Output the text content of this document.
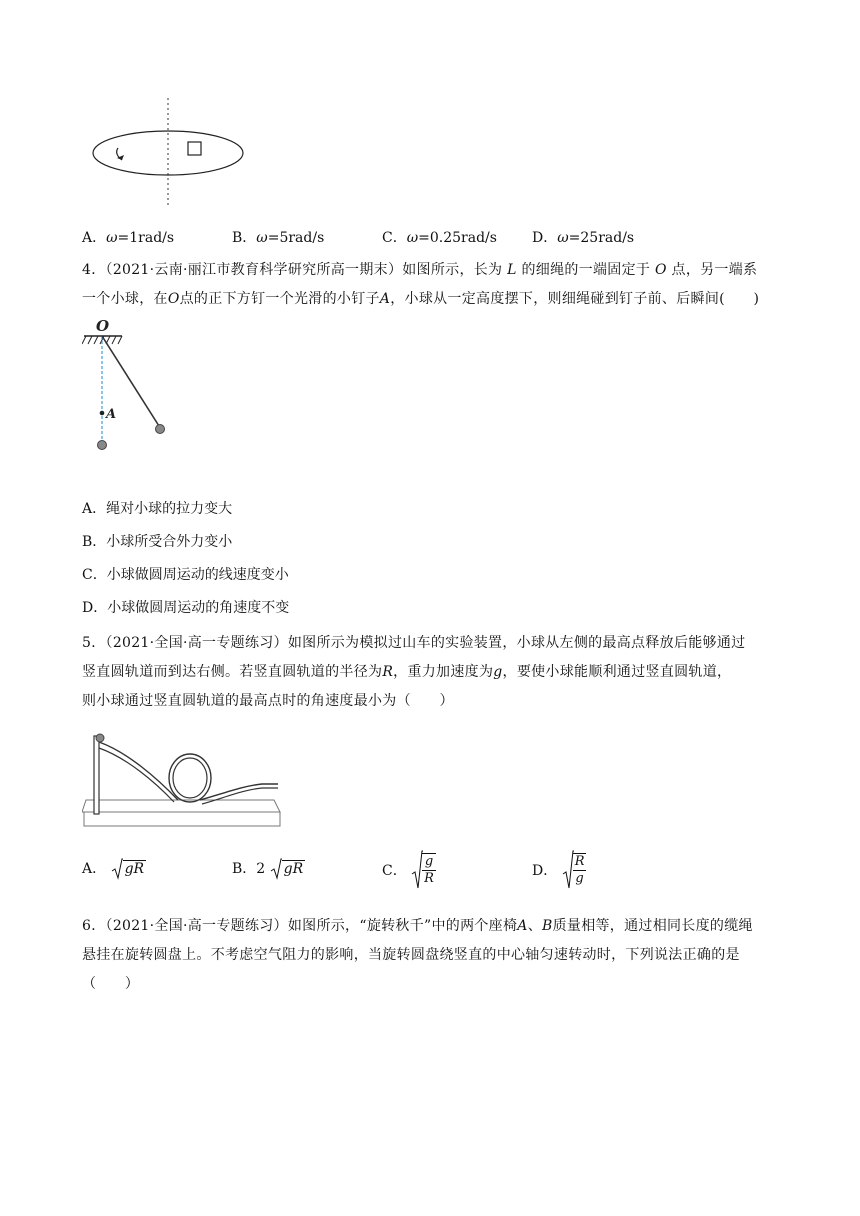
A．ω=1rad/s	B．ω=5rad/s	C．ω=0.25rad/s	D．ω=25rad/s
4．（2021·云南·丽江市教育科学研究所高一期末）如图所示，长为 L 的细绳的一端固定于 O 点，另一端系
一个小球，在O点的正下方钉一个光滑的小钉子A，小球从一定高度摆下，则细绳碰到钉子前、后瞬间(　　)
O
A
A．绳对小球的拉力变大
B．小球所受合外力变小
C．小球做圆周运动的线速度变小
D．小球做圆周运动的角速度不变
5．（2021·全国·高一专题练习）如图所示为模拟过山车的实验装置，小球从左侧的最高点释放后能够通过
竖直圆轨道而到达右侧。若竖直圆轨道的半径为R，重力加速度为g，要使小球能顺利通过竖直圆轨道，
则小球通过竖直圆轨道的最高点时的角速度最小为（　　）
A． gR	B．2 gR	C． $\frac{g}{R}$	D． $\frac{R}{g}$
6．（2021·全国·高一专题练习）如图所示，“旋转秋千”中的两个座椅A、B质量相等，通过相同长度的缆绳
悬挂在旋转圆盘上。不考虑空气阻力的影响，当旋转圆盘绕竖直的中心轴匀速转动时，下列说法正确的是
（　　）
